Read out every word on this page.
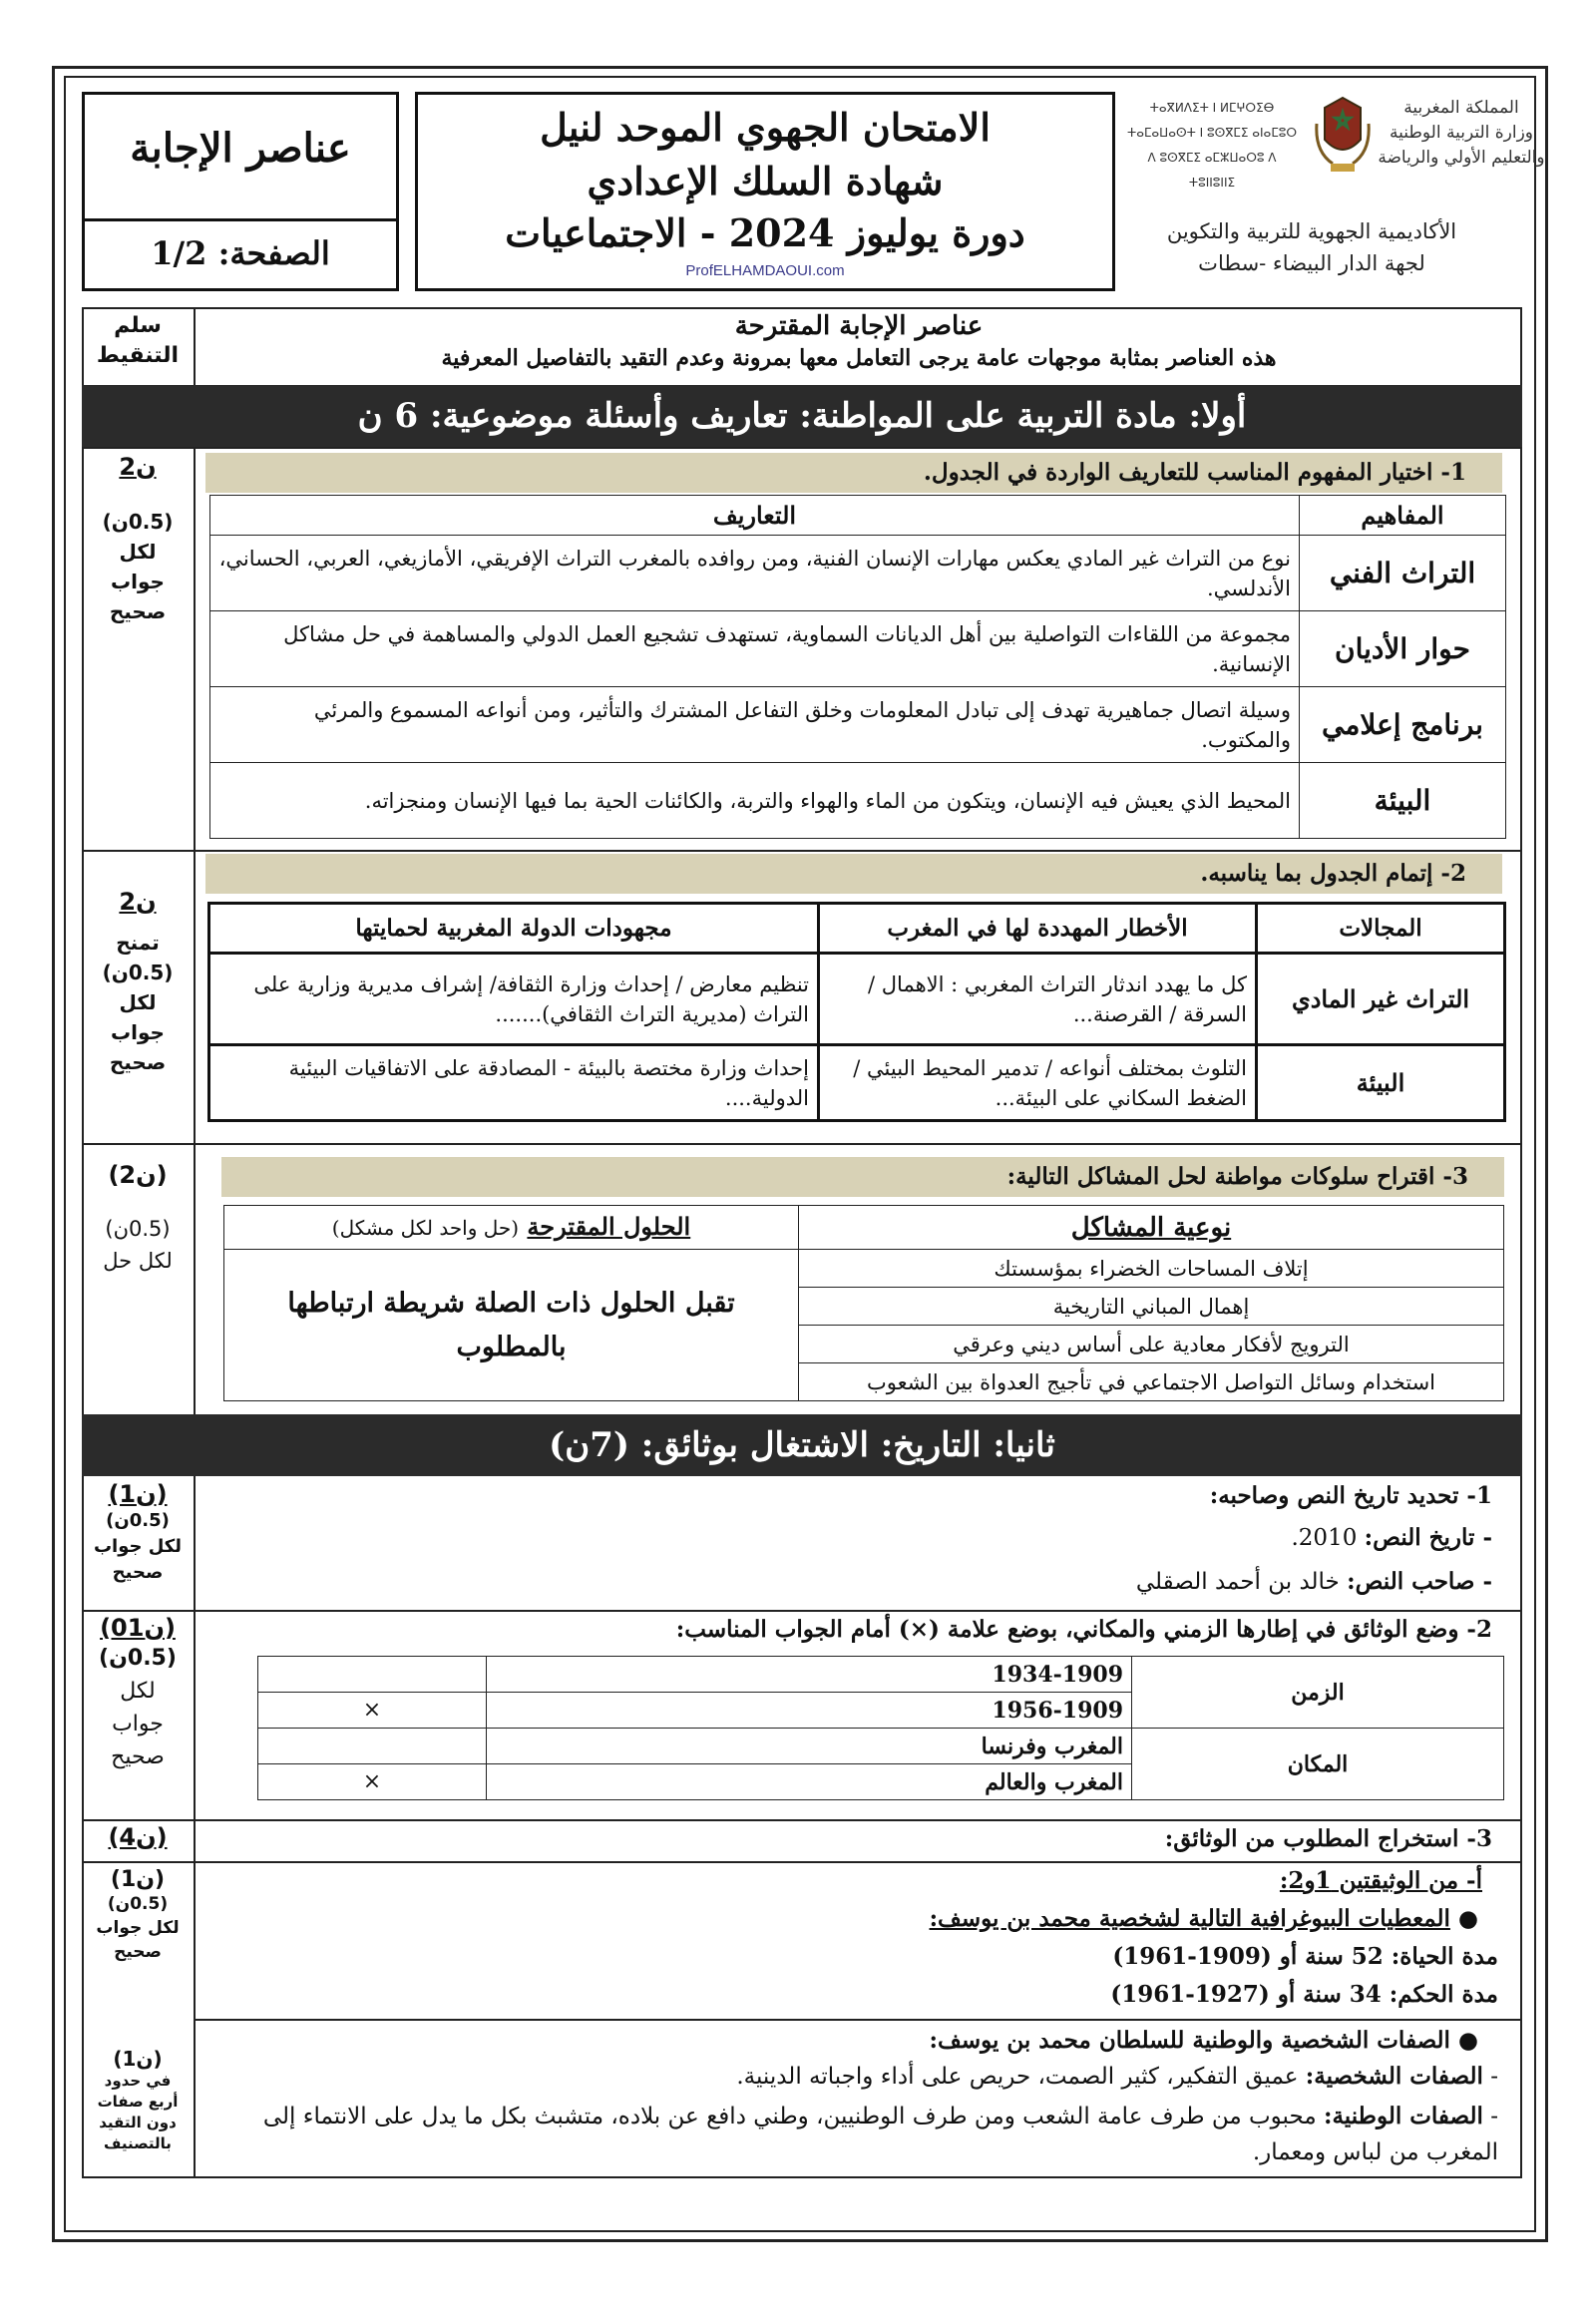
عناصر الإجابة
الصفحة: 1/2
الامتحان الجهوي الموحد لنيل
شهادة السلك الإعدادي
دورة يوليوز 2024 - الاجتماعيات
ProfELHAMDAOUI.com
ⵜⴰⴳⵍⴷⵉⵜ ⵏ ⵍⵎⵖⵔⵉⴱ
ⵜⴰⵎⴰⵡⴰⵙⵜ ⵏ ⵓⵙⴳⵎⵉ ⴰⵏⴰⵎⵓⵔ
ⴷ ⵓⵙⴳⵎⵉ ⴰⵎⵣⵡⴰⵔⵓ ⴷ ⵜⵓⵏⵏⵓⵏⵏⵉ
المملكة المغربية
وزارة التربية الوطنية
والتعليم الأولي والرياضة
الأكاديمية الجهوية للتربية والتكوين
لجهة الدار البيضاء -سطات
سلم
التنقيط
عناصر الإجابة المقترحة
هذه العناصر بمثابة موجهات عامة يرجى التعامل معها بمرونة وعدم التقيد بالتفاصيل المعرفية
أولا: مادة التربية على المواطنة: تعاريف وأسئلة موضوعية: 6 ن
2ن
(0.5ن)
لكل
جواب
صحيح
1- اختيار المفهوم المناسب للتعاريف الواردة في الجدول.
المفاهيم	التعاريف
التراث الفني	نوع من التراث غير المادي يعكس مهارات الإنسان الفنية، ومن روافده بالمغرب التراث الإفريقي، الأمازيغي، العربي، الحساني، الأندلسي.
حوار الأديان	مجموعة من اللقاءات التواصلية بين أهل الديانات السماوية، تستهدف تشجيع العمل الدولي والمساهمة في حل مشاكل الإنسانية.
برنامج إعلامي	وسيلة اتصال جماهيرية تهدف إلى تبادل المعلومات وخلق التفاعل المشترك والتأثير، ومن أنواعه المسموع والمرئي والمكتوب.
البيئة	المحيط الذي يعيش فيه الإنسان، ويتكون من الماء والهواء والتربة، والكائنات الحية بما فيها الإنسان ومنجزاته.
2ن
تمنح
(0.5ن)
لكل
جواب
صحيح
2- إتمام الجدول بما يناسبه.
المجالات	الأخطار المهددة لها في المغرب	مجهودات الدولة المغربية لحمايتها
التراث غير المادي	كل ما يهدد اندثار التراث المغربي : الاهمال / السرقة / القرصنة...	تنظيم معارض / إحداث وزارة الثقافة/ إشراف مديرية وزارية على التراث (مديرية التراث الثقافي).......
البيئة	التلوث بمختلف أنواعه / تدمير المحيط البيئي / الضغط السكاني على البيئة...	إحداث وزارة مختصة بالبيئة - المصادقة على الاتفاقيات البيئية الدولية....
(2ن)
(0.5ن)
لكل حل
3- اقتراح سلوكات مواطنة لحل المشاكل التالية:
نوعية المشاكل	الحلول المقترحة (حل واحد لكل مشكل)
إتلاف المساحات الخضراء بمؤسستك	تقبل الحلول ذات الصلة شريطة ارتباطها بالمطلوب
إهمال المباني التاريخية	
الترويج لأفكار معادية على أساس ديني وعرقي	
استخدام وسائل التواصل الاجتماعي في تأجيج العدواة بين الشعوب	
ثانيا: التاريخ: الاشتغال بوثائق: (7ن)
(1ن)
(0.5ن)
لكل جواب
صحيح
1- تحديد تاريخ النص وصاحبه:
- تاريخ النص: 2010.
- صاحب النص: خالد بن أحمد الصقلي
(01ن)
(0.5ن)
لكل
جواب
صحيح
2- وضع الوثائق في إطارها الزمني والمكاني، بوضع علامة (×) أمام الجواب المناسب:
الزمن	1934-1909	
	1956-1909	×
المكان	المغرب وفرنسا	
	المغرب والعالم	×
(4ن)	3- استخراج المطلوب من الوثائق:
(1ن)
(0.5ن)
لكل جواب
صحيح
أ- من الوثيقتين 1و2:
● المعطيات البيوغرافية التالية لشخصية محمد بن يوسف:
مدة الحياة: 52 سنة أو (1909-1961)
مدة الحكم: 34 سنة أو (1927-1961)
(1ن)
في حدود
أربع صفات
دون التقيد
بالتصنيف
● الصفات الشخصية والوطنية للسلطان محمد بن يوسف:
- الصفات الشخصية: عميق التفكير، كثير الصمت، حريص على أداء واجباته الدينية.
- الصفات الوطنية: محبوب من طرف عامة الشعب ومن طرف الوطنيين، وطني دافع عن بلاده، متشبث بكل ما يدل على الانتماء إلى المغرب من لباس ومعمار.
